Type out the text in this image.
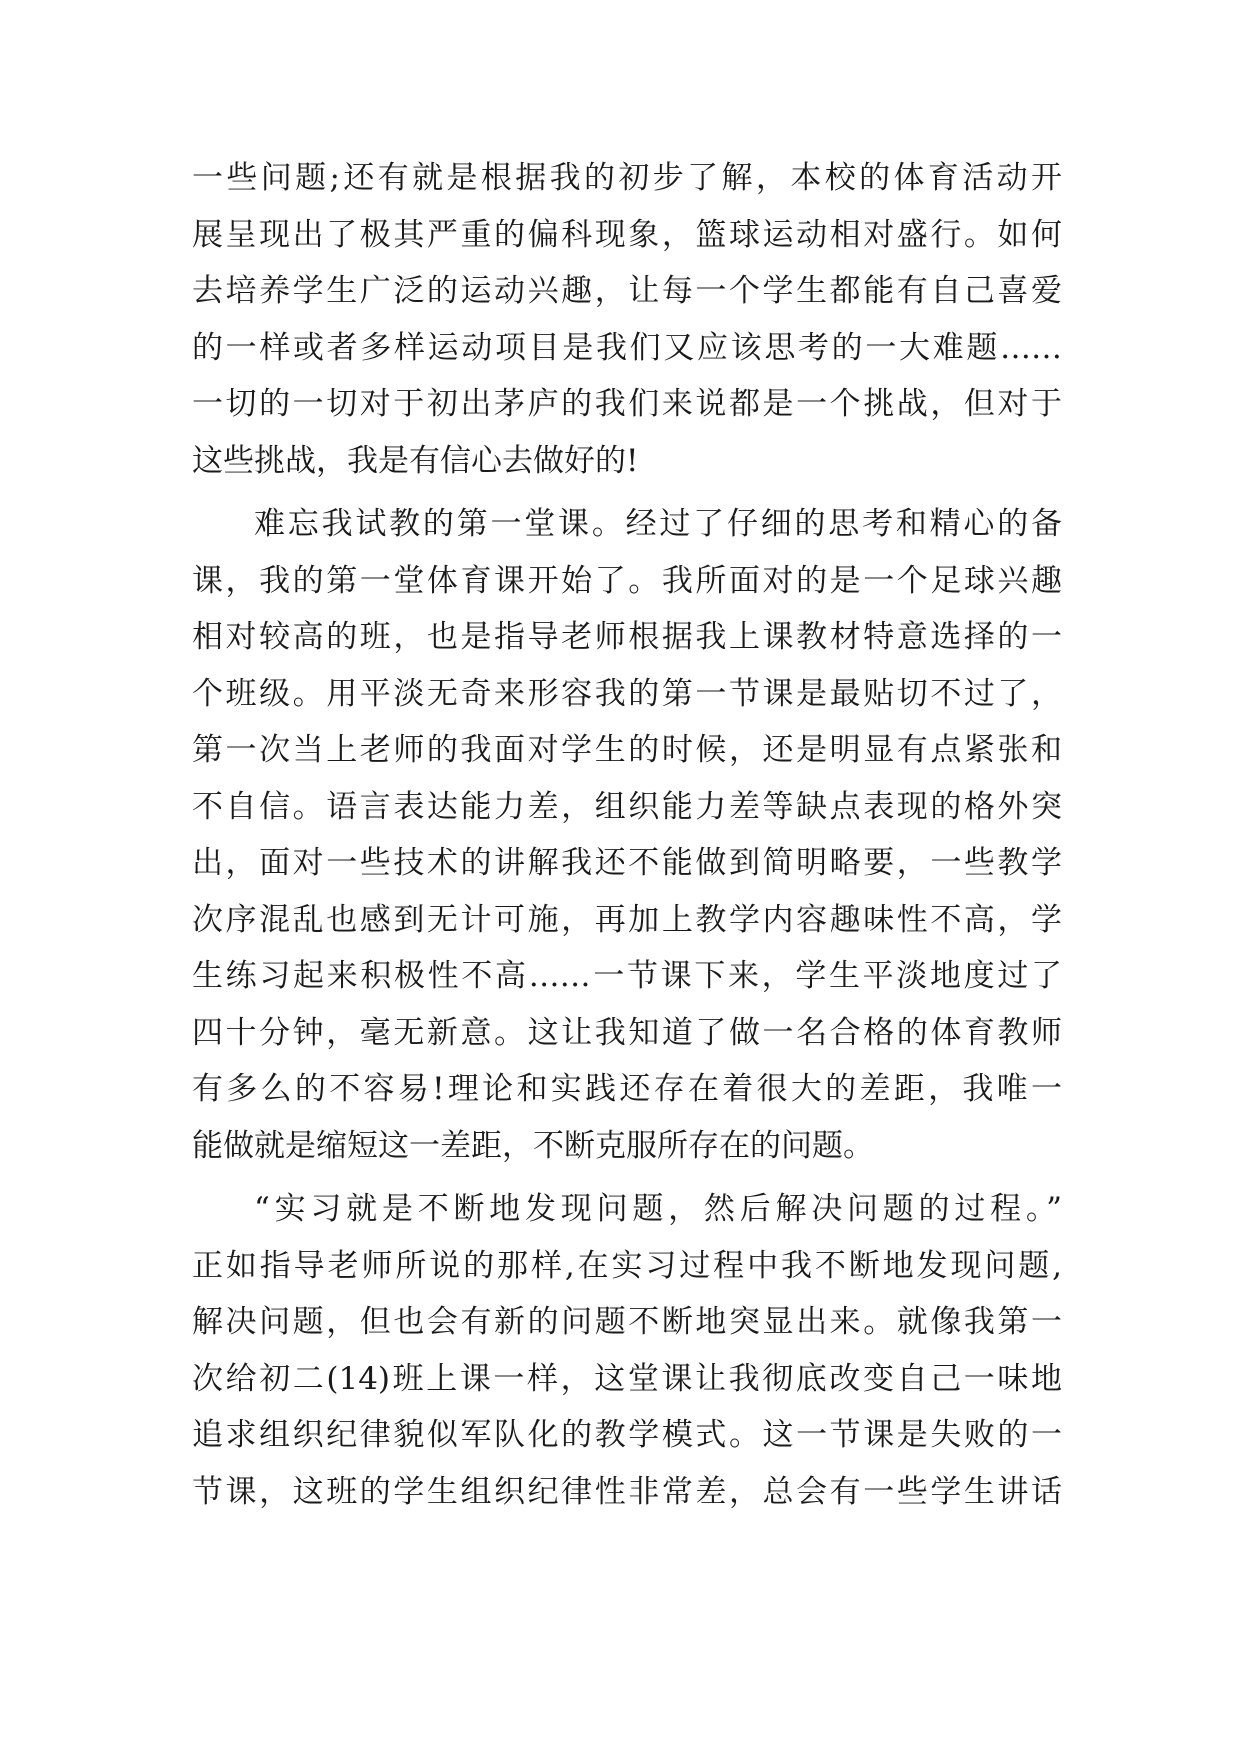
一些问题;还有就是根据我的初步了解，本校的体育活动开
展呈现出了极其严重的偏科现象，篮球运动相对盛行。如何
去培养学生广泛的运动兴趣，让每一个学生都能有自己喜爱
的一样或者多样运动项目是我们又应该思考的一大难题……
一切的一切对于初出茅庐的我们来说都是一个挑战，但对于
这些挑战，我是有信心去做好的!
难忘我试教的第一堂课。经过了仔细的思考和精心的备
课，我的第一堂体育课开始了。我所面对的是一个足球兴趣
相对较高的班，也是指导老师根据我上课教材特意选择的一
个班级。用平淡无奇来形容我的第一节课是最贴切不过了，
第一次当上老师的我面对学生的时候，还是明显有点紧张和
不自信。语言表达能力差，组织能力差等缺点表现的格外突
出，面对一些技术的讲解我还不能做到简明略要，一些教学
次序混乱也感到无计可施，再加上教学内容趣味性不高，学
生练习起来积极性不高……一节课下来，学生平淡地度过了
四十分钟，毫无新意。这让我知道了做一名合格的体育教师
有多么的不容易!理论和实践还存在着很大的差距，我唯一
能做就是缩短这一差距，不断克服所存在的问题。
“实习就是不断地发现问题，然后解决问题的过程。”
正如指导老师所说的那样,在实习过程中我不断地发现问题,
解决问题，但也会有新的问题不断地突显出来。就像我第一
次给初二(14)班上课一样，这堂课让我彻底改变自己一味地
追求组织纪律貌似军队化的教学模式。这一节课是失败的一
节课，这班的学生组织纪律性非常差，总会有一些学生讲话
